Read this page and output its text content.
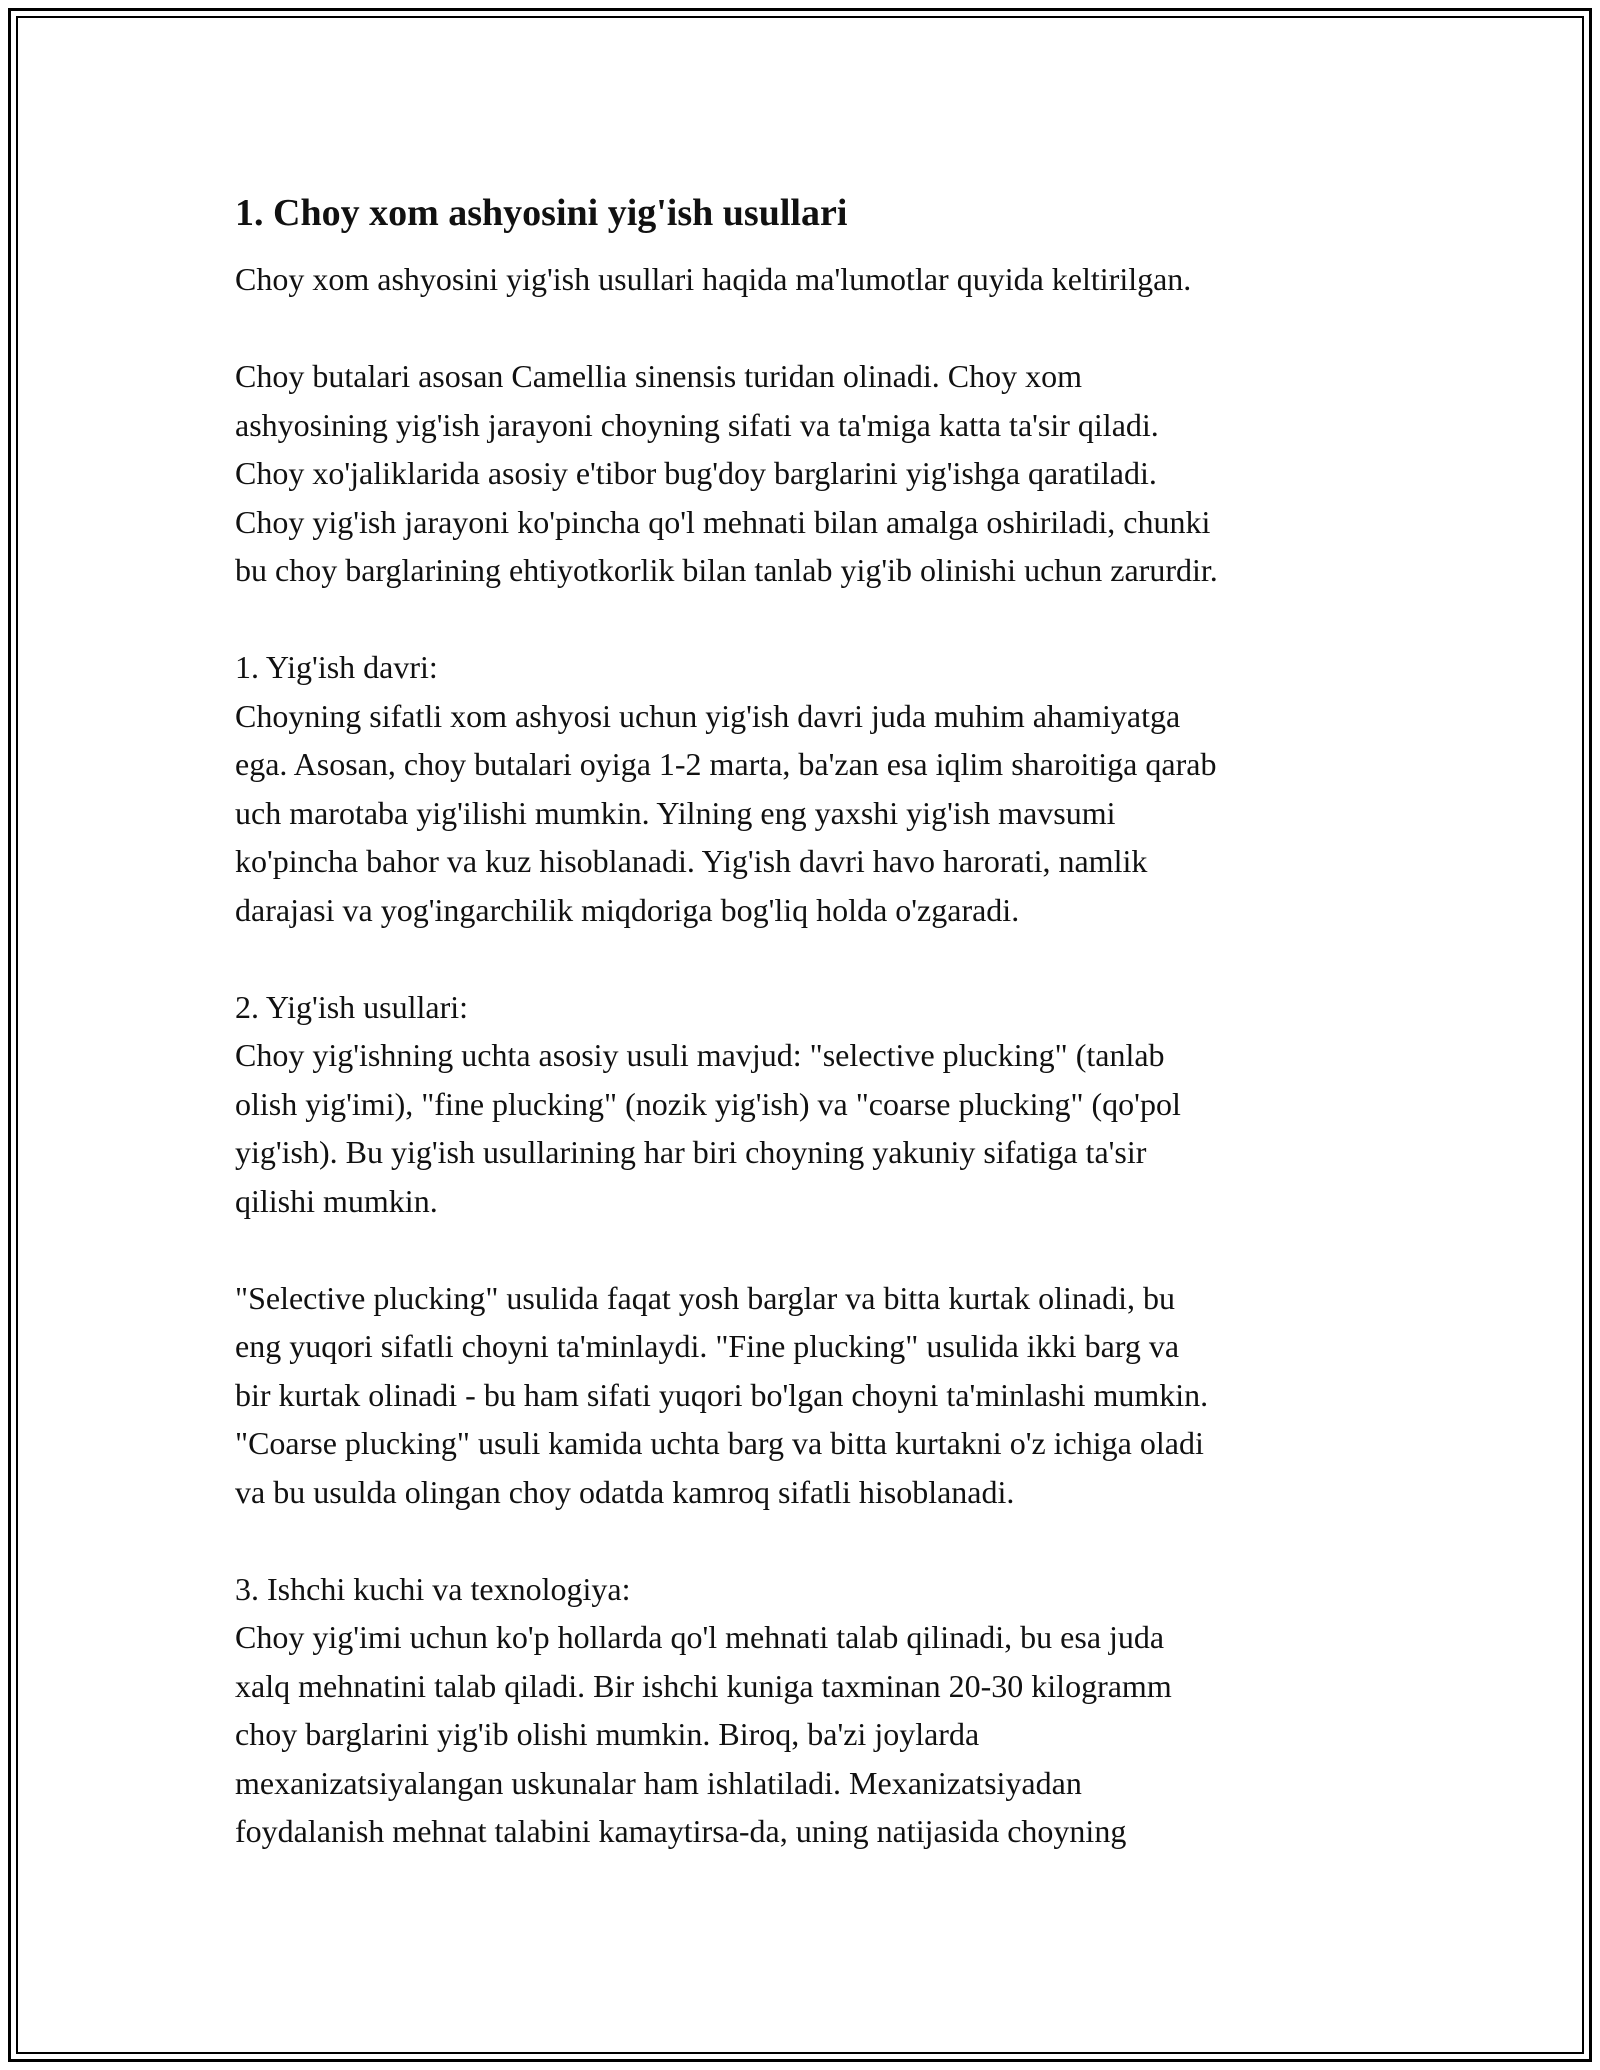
1. Choy xom ashyosini yig'ish usullari
Choy xom ashyosini yig'ish usullari haqida ma'lumotlar quyida keltirilgan.
Choy butalari asosan Camellia sinensis turidan olinadi. Choy xom
ashyosining yig'ish jarayoni choyning sifati va ta'miga katta ta'sir qiladi.
Choy xo'jaliklarida asosiy e'tibor bug'doy barglarini yig'ishga qaratiladi.
Choy yig'ish jarayoni ko'pincha qo'l mehnati bilan amalga oshiriladi, chunki
bu choy barglarining ehtiyotkorlik bilan tanlab yig'ib olinishi uchun zarurdir.
1. Yig'ish davri:
Choyning sifatli xom ashyosi uchun yig'ish davri juda muhim ahamiyatga
ega. Asosan, choy butalari oyiga 1-2 marta, ba'zan esa iqlim sharoitiga qarab
uch marotaba yig'ilishi mumkin. Yilning eng yaxshi yig'ish mavsumi
ko'pincha bahor va kuz hisoblanadi. Yig'ish davri havo harorati, namlik
darajasi va yog'ingarchilik miqdoriga bog'liq holda o'zgaradi.
2. Yig'ish usullari:
Choy yig'ishning uchta asosiy usuli mavjud: "selective plucking" (tanlab
olish yig'imi), "fine plucking" (nozik yig'ish) va "coarse plucking" (qo'pol
yig'ish). Bu yig'ish usullarining har biri choyning yakuniy sifatiga ta'sir
qilishi mumkin.
"Selective plucking" usulida faqat yosh barglar va bitta kurtak olinadi, bu
eng yuqori sifatli choyni ta'minlaydi. "Fine plucking" usulida ikki barg va
bir kurtak olinadi - bu ham sifati yuqori bo'lgan choyni ta'minlashi mumkin.
"Coarse plucking" usuli kamida uchta barg va bitta kurtakni o'z ichiga oladi
va bu usulda olingan choy odatda kamroq sifatli hisoblanadi.
3. Ishchi kuchi va texnologiya:
Choy yig'imi uchun ko'p hollarda qo'l mehnati talab qilinadi, bu esa juda
xalq mehnatini talab qiladi. Bir ishchi kuniga taxminan 20-30 kilogramm
choy barglarini yig'ib olishi mumkin. Biroq, ba'zi joylarda
mexanizatsiyalangan uskunalar ham ishlatiladi. Mexanizatsiyadan
foydalanish mehnat talabini kamaytirsa-da, uning natijasida choyning
